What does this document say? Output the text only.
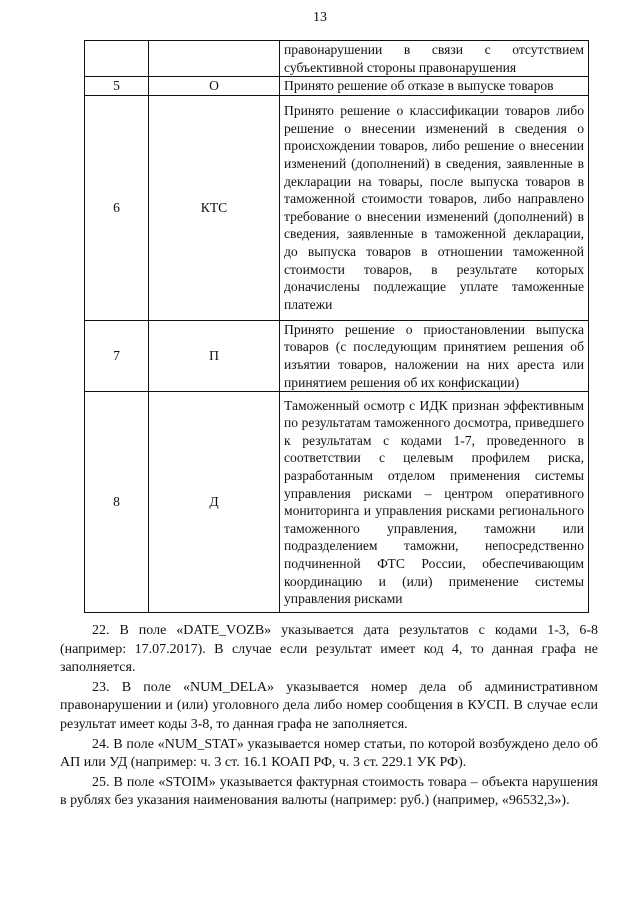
13
		правонарушении в связи с отсутствием субъективной стороны правонарушения
5	О	Принято решение об отказе в выпуске товаров
6	КТС	Принято решение о классификации товаров либо решение о внесении изменений в сведения о происхождении товаров, либо решение о внесении изменений (дополнений) в сведения, заявленные в декларации на товары, после выпуска товаров в таможенной стоимости товаров, либо направлено требование о внесении изменений (дополнений) в сведения, заявленные в таможенной декларации, до выпуска товаров в отношении таможенной стоимости товаров, в результате которых доначислены подлежащие уплате таможенные платежи
7	П	Принято решение о приостановлении выпуска товаров (с последующим принятием решения об изъятии товаров, наложении на них ареста или принятием решения об их конфискации)
8	Д	Таможенный осмотр с ИДК признан эффективным по результатам таможенного досмотра, приведшего к результатам с кодами 1-7, проведенного в соответствии с целевым профилем риска, разработанным отделом применения системы управления рисками – центром оперативного мониторинга и управления рисками регионального таможенного управления, таможни или подразделением таможни, непосредственно подчиненной ФТС России, обеспечивающим координацию и (или) применение системы управления рисками

22. В поле «DATE_VOZB» указывается дата результатов с кодами 1-3, 6-8 (например: 17.07.2017). В случае если результат имеет код 4, то данная графа не заполняется.

23. В поле «NUM_DELA» указывается номер дела об административном правонарушении и (или) уголовного дела либо номер сообщения в КУСП. В случае если результат имеет коды 3-8, то данная графа не заполняется.

24. В поле «NUM_STAT» указывается номер статьи, по которой возбуждено дело об АП или УД (например: ч. 3 ст. 16.1 КОАП РФ, ч. 3 ст. 229.1 УК РФ).

25. В поле «STOIM» указывается фактурная стоимость товара – объекта нарушения в рублях без указания наименования валюты (например: руб.) (например, «96532,3»).
